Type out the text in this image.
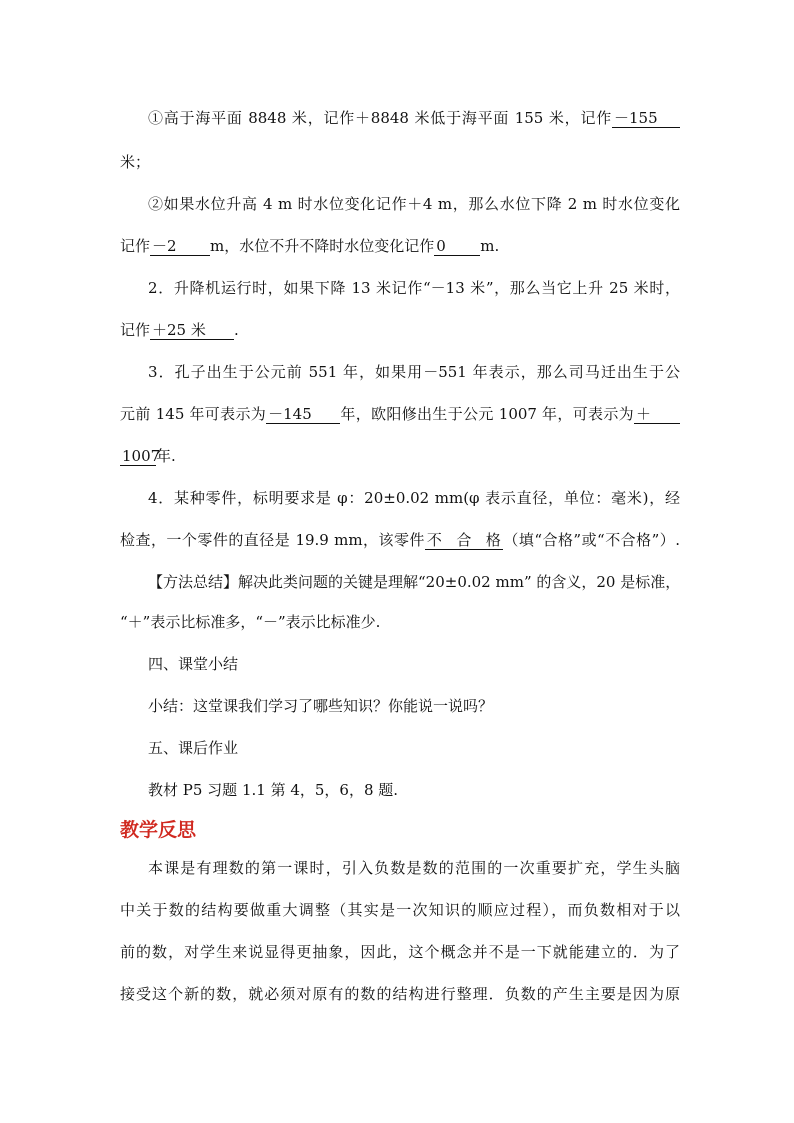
①高于海平面 8848 米，记作＋8848 米低于海平面 155 米，记作 －155
米；
②如果水位升高 4 m 时水位变化记作＋4 m，那么水位下降 2 m 时水位变化
记作 －2 m，水位不升不降时水位变化记作 0 m.
2．升降机运行时，如果下降 13 米记作“－13 米”，那么当它上升 25 米时，
记作 ＋25 米 .
3．孔子出生于公元前 551 年，如果用－551 年表示，那么司马迁出生于公
元前 145 年可表示为 －145 年，欧阳修出生于公元 1007 年，可表示为 ＋
1007年.
4．某种零件，标明要求是 φ：20±0.02 mm(φ 表示直径，单位：毫米)，经
检查，一个零件的直径是 19.9 mm，该零件 不合格 （填“合格”或“不合格”）.
【方法总结】解决此类问题的关键是理解“20±0.02 mm” 的含义，20 是标准，
“＋”表示比标准多，“－”表示比标准少.
四、课堂小结
小结：这堂课我们学习了哪些知识？你能说一说吗？
五、课后作业
教材 P5 习题 1.1 第 4，5，6，8 题.
教学反思
本课是有理数的第一课时，引入负数是数的范围的一次重要扩充，学生头脑
中关于数的结构要做重大调整（其实是一次知识的顺应过程），而负数相对于以
前的数，对学生来说显得更抽象，因此，这个概念并不是一下就能建立的．为了
接受这个新的数，就必须对原有的数的结构进行整理．负数的产生主要是因为原
